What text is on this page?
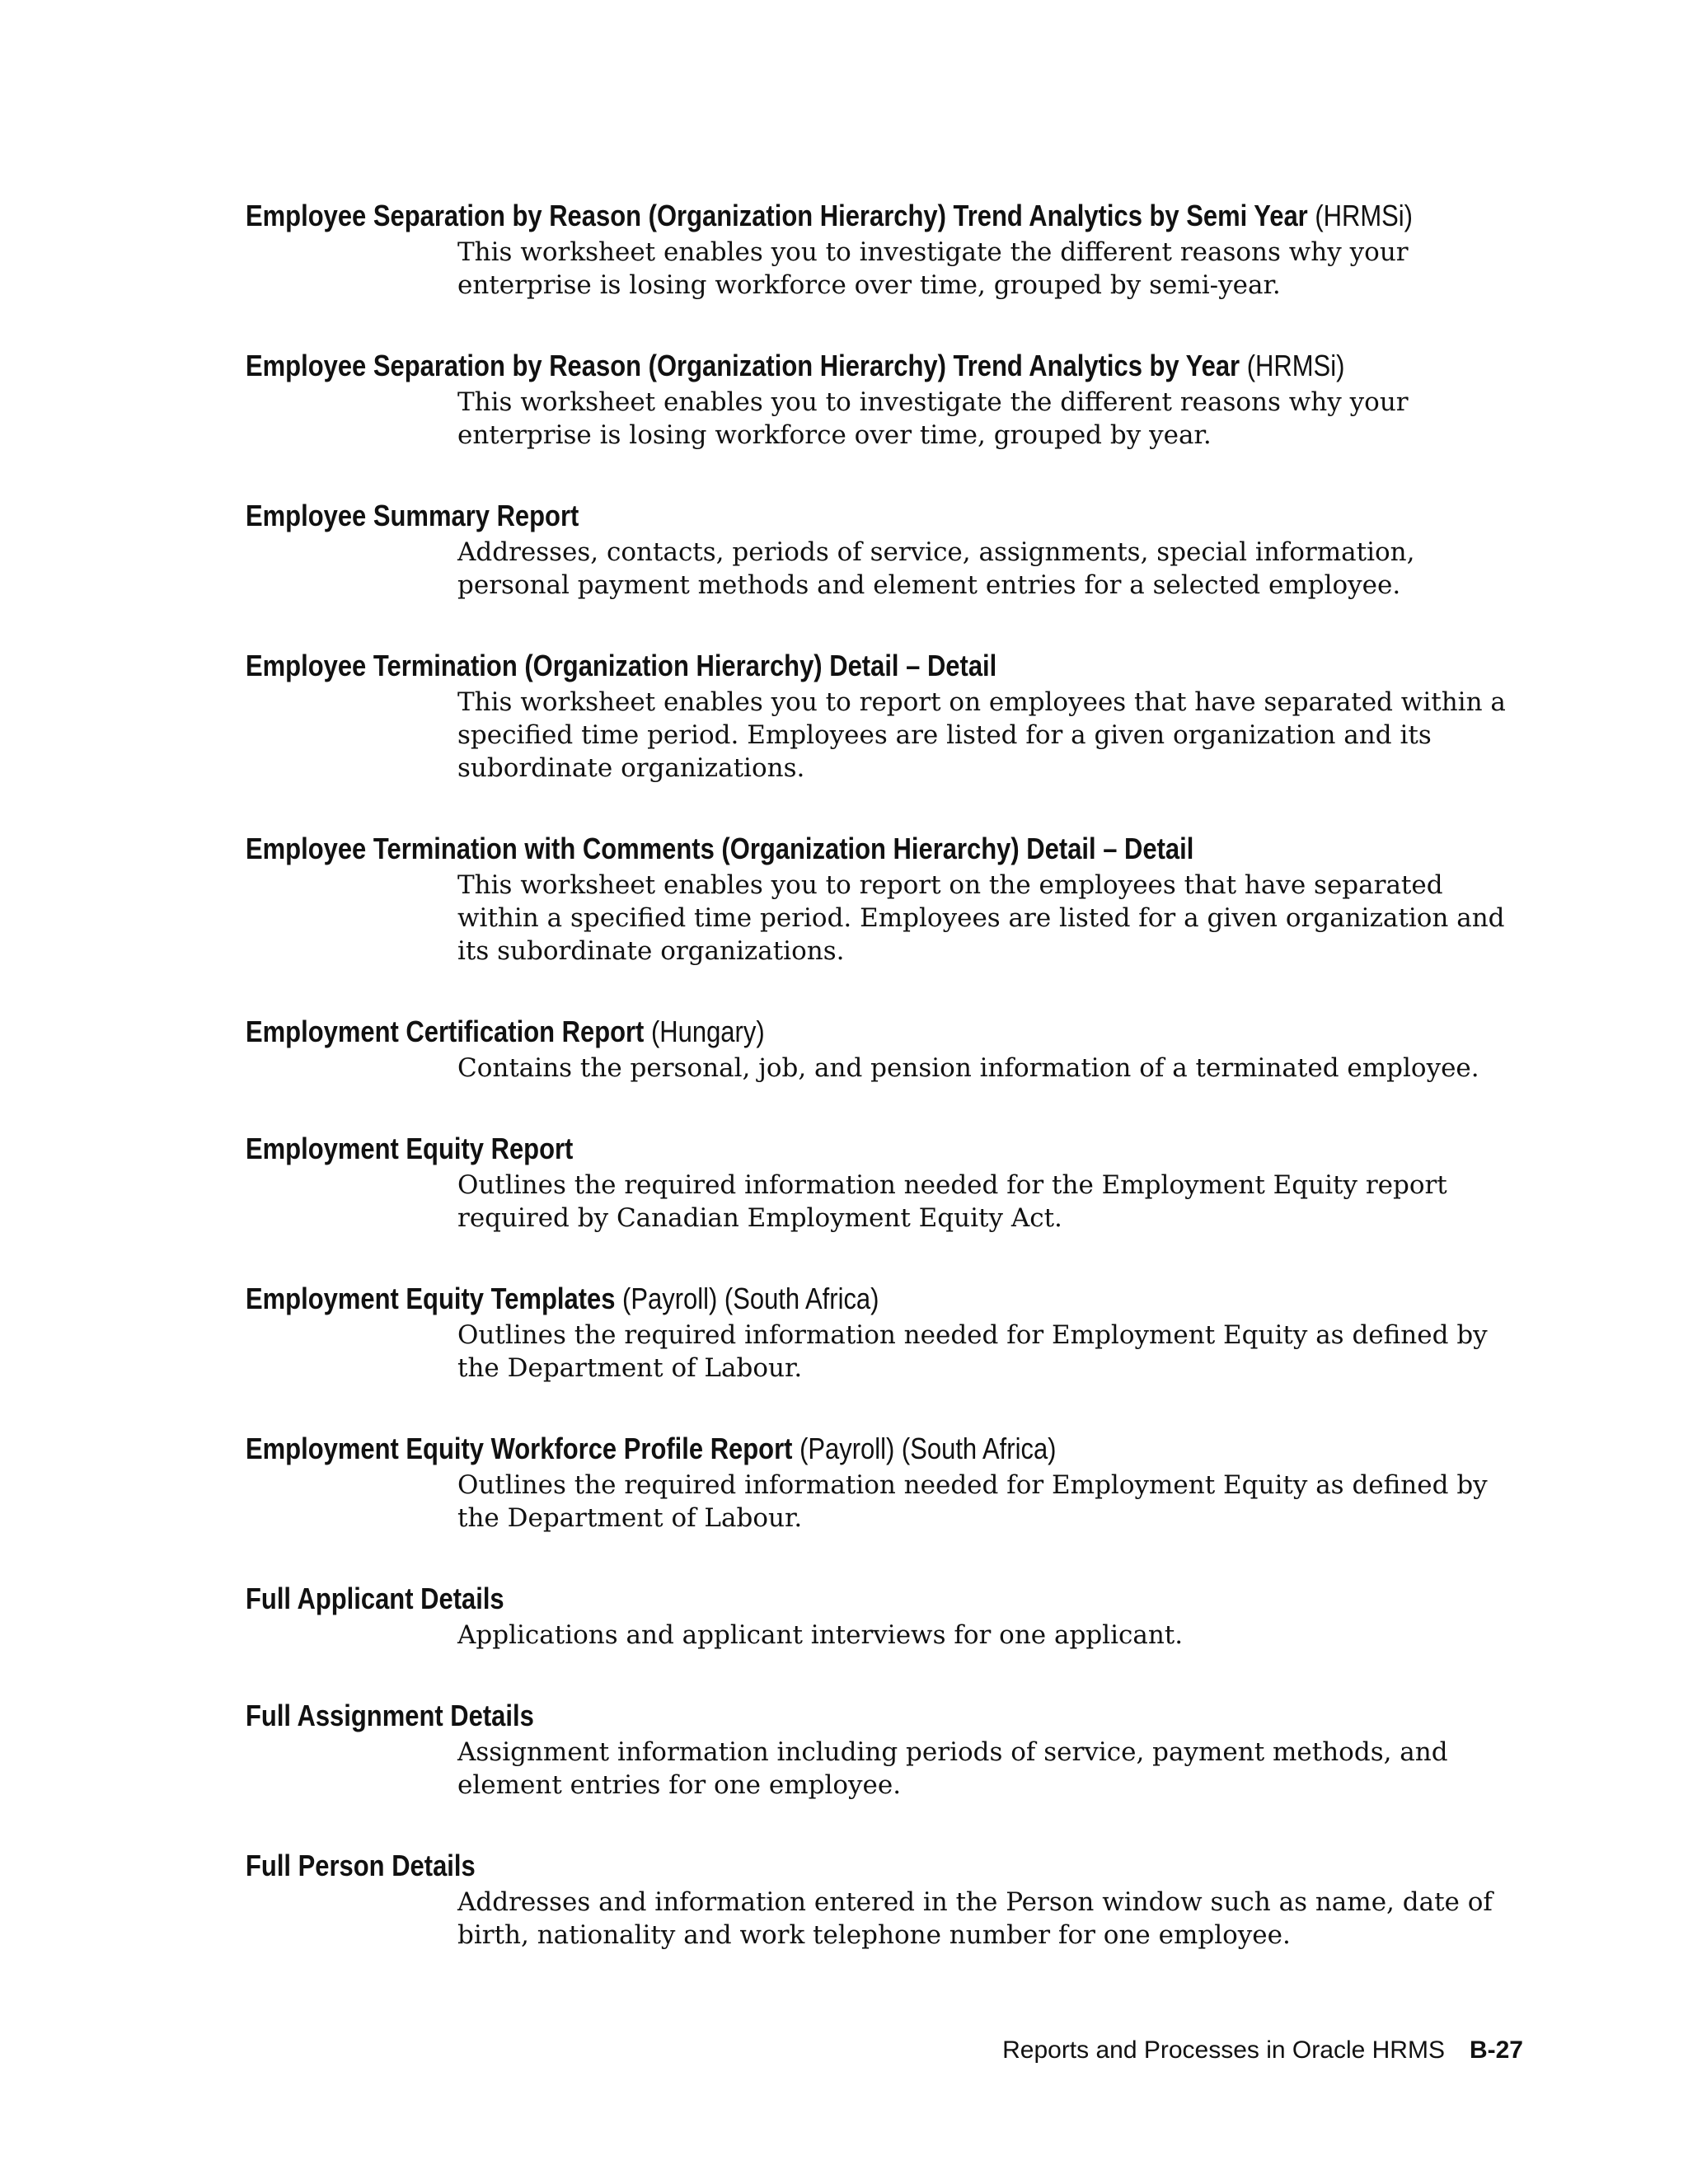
Employee Separation by Reason (Organization Hierarchy) Trend Analytics by Semi Year (HRMSi)
This worksheet enables you to investigate the different reasons why your enterprise is losing workforce over time, grouped by semi-year.
Employee Separation by Reason (Organization Hierarchy) Trend Analytics by Year (HRMSi)
This worksheet enables you to investigate the different reasons why your enterprise is losing workforce over time, grouped by year.
Employee Summary Report
Addresses, contacts, periods of service, assignments, special information, personal payment methods and element entries for a selected employee.
Employee Termination (Organization Hierarchy) Detail – Detail
This worksheet enables you to report on employees that have separated within a specified time period. Employees are listed for a given organization and its subordinate organizations.
Employee Termination with Comments (Organization Hierarchy) Detail – Detail
This worksheet enables you to report on the employees that have separated within a specified time period. Employees are listed for a given organization and its subordinate organizations.
Employment Certification Report (Hungary)
Contains the personal, job, and pension information of a terminated employee.
Employment Equity Report
Outlines the required information needed for the Employment Equity report required by Canadian Employment Equity Act.
Employment Equity Templates (Payroll) (South Africa)
Outlines the required information needed for Employment Equity as defined by the Department of Labour.
Employment Equity Workforce Profile Report (Payroll) (South Africa)
Outlines the required information needed for Employment Equity as defined by the Department of Labour.
Full Applicant Details
Applications and applicant interviews for one applicant.
Full Assignment Details
Assignment information including periods of service, payment methods, and element entries for one employee.
Full Person Details
Addresses and information entered in the Person window such as name, date of birth, nationality and work telephone number for one employee.
Reports and Processes in Oracle HRMS B-27
